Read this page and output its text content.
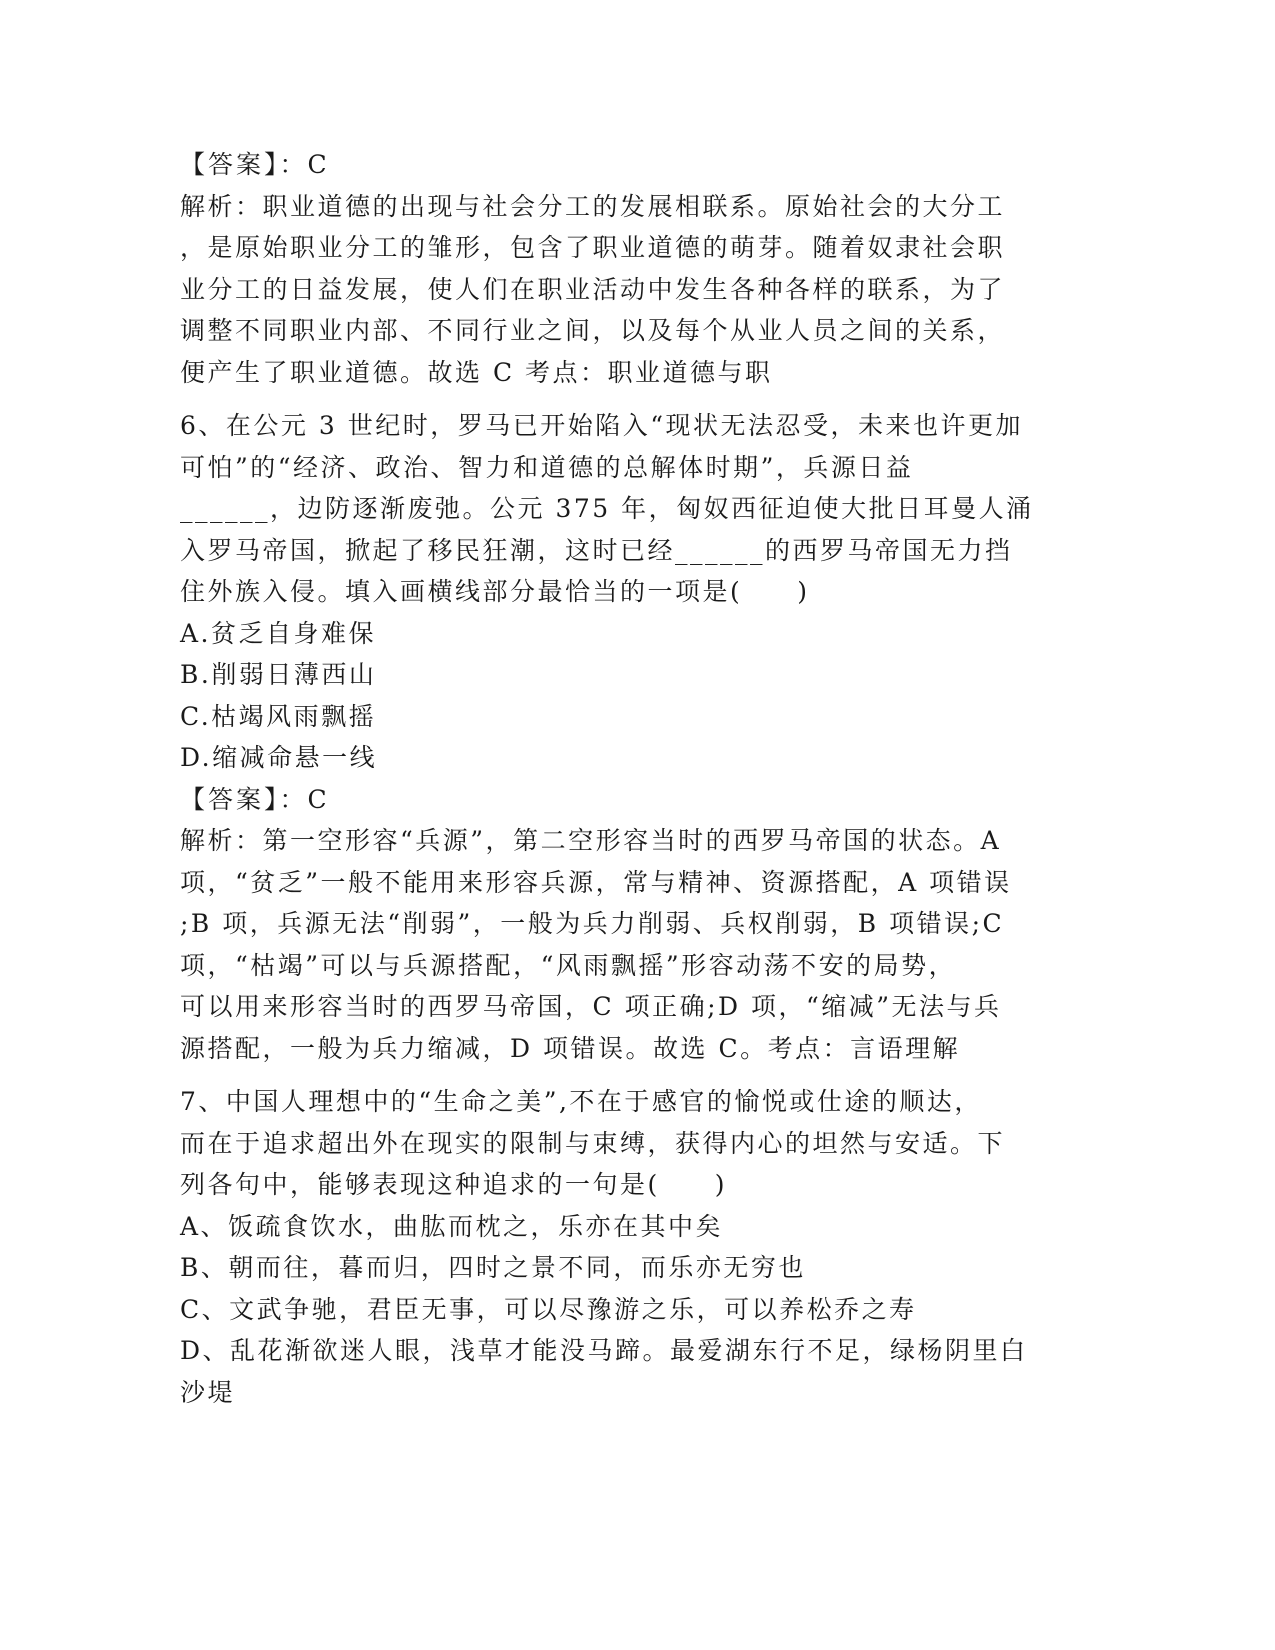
【答案】：C
解析：职业道德的出现与社会分工的发展相联系。原始社会的大分工
，是原始职业分工的雏形，包含了职业道德的萌芽。随着奴隶社会职
业分工的日益发展，使人们在职业活动中发生各种各样的联系，为了
调整不同职业内部、不同行业之间，以及每个从业人员之间的关系，
便产生了职业道德。故选 C 考点：职业道德与职
6、在公元 3 世纪时，罗马已开始陷入“现状无法忍受，未来也许更加
可怕”的“经济、政治、智力和道德的总解体时期”，兵源日益
______，边防逐渐废弛。公元 375 年，匈奴西征迫使大批日耳曼人涌
入罗马帝国，掀起了移民狂潮，这时已经______的西罗马帝国无力挡
住外族入侵。填入画横线部分最恰当的一项是(　　)
A.贫乏自身难保
B.削弱日薄西山
C.枯竭风雨飘摇
D.缩减命悬一线
【答案】：C
解析：第一空形容“兵源”，第二空形容当时的西罗马帝国的状态。A
项，“贫乏”一般不能用来形容兵源，常与精神、资源搭配，A 项错误
;B 项，兵源无法“削弱”，一般为兵力削弱、兵权削弱，B 项错误;C
项，“枯竭”可以与兵源搭配，“风雨飘摇”形容动荡不安的局势，
可以用来形容当时的西罗马帝国，C 项正确;D 项，“缩减”无法与兵
源搭配，一般为兵力缩减，D 项错误。故选 C。考点：言语理解
7、中国人理想中的“生命之美”,不在于感官的愉悦或仕途的顺达，
而在于追求超出外在现实的限制与束缚，获得内心的坦然与安适。下
列各句中，能够表现这种追求的一句是(　　)
A、饭疏食饮水，曲肱而枕之，乐亦在其中矣
B、朝而往，暮而归，四时之景不同，而乐亦无穷也
C、文武争驰，君臣无事，可以尽豫游之乐，可以养松乔之寿
D、乱花渐欲迷人眼，浅草才能没马蹄。最爱湖东行不足，绿杨阴里白
沙堤
